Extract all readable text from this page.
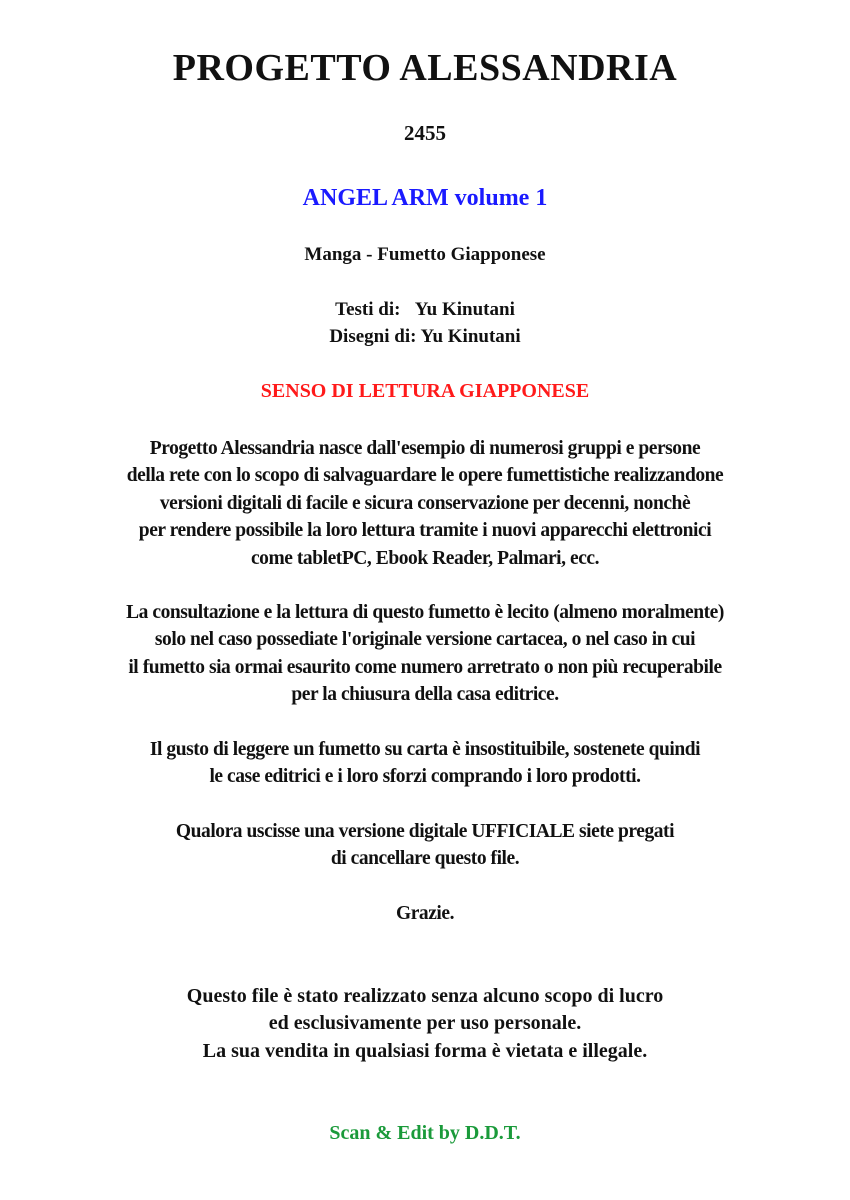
PROGETTO ALESSANDRIA
2455
ANGEL ARM volume 1
Manga - Fumetto Giapponese
Testi di: Yu Kinutani
Disegni di: Yu Kinutani
SENSO DI LETTURA GIAPPONESE
Progetto Alessandria nasce dall'esempio di numerosi gruppi e persone
della rete con lo scopo di salvaguardare le opere fumettistiche realizzandone
versioni digitali di facile e sicura conservazione per decenni, nonchè
per rendere possibile la loro lettura tramite i nuovi apparecchi elettronici
come tabletPC, Ebook Reader, Palmari, ecc.
La consultazione e la lettura di questo fumetto è lecito (almeno moralmente)
solo nel caso possediate l'originale versione cartacea, o nel caso in cui
il fumetto sia ormai esaurito come numero arretrato o non più recuperabile
per la chiusura della casa editrice.
Il gusto di leggere un fumetto su carta è insostituibile, sostenete quindi
le case editrici e i loro sforzi comprando i loro prodotti.
Qualora uscisse una versione digitale UFFICIALE siete pregati
di cancellare questo file.
Grazie.
Questo file è stato realizzato senza alcuno scopo di lucro
ed esclusivamente per uso personale.
La sua vendita in qualsiasi forma è vietata e illegale.
Scan & Edit by D.D.T.
